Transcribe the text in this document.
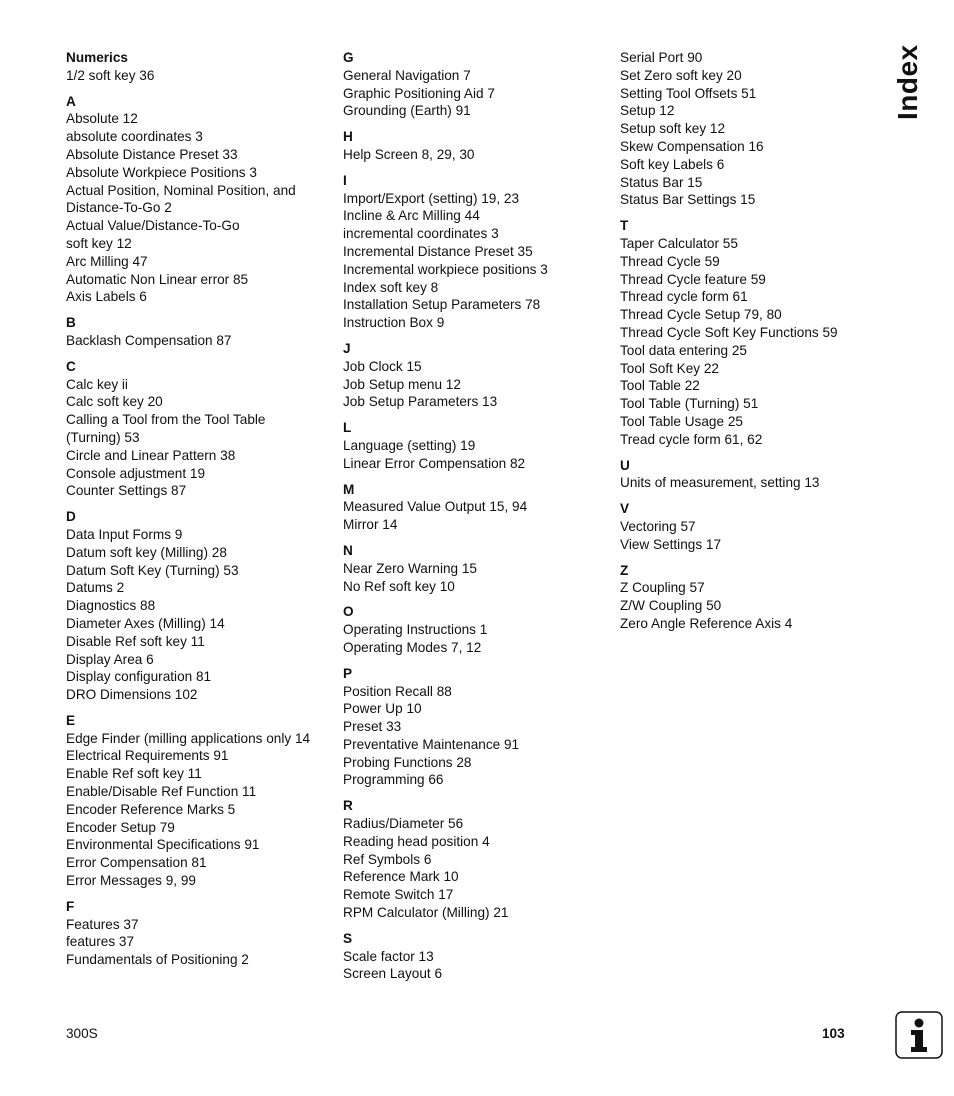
Numerics
1/2 soft key 36
A
Absolute 12
absolute coordinates 3
Absolute Distance Preset 33
Absolute Workpiece Positions 3
Actual Position, Nominal Position, and
Distance-To-Go 2
Actual Value/Distance-To-Go
soft key 12
Arc Milling 47
Automatic Non Linear error 85
Axis Labels 6
B
Backlash Compensation 87
C
Calc key ii
Calc soft key 20
Calling a Tool from the Tool Table
(Turning) 53
Circle and Linear Pattern 38
Console adjustment 19
Counter Settings 87
D
Data Input Forms 9
Datum soft key (Milling) 28
Datum Soft Key (Turning) 53
Datums 2
Diagnostics 88
Diameter Axes (Milling) 14
Disable Ref soft key 11
Display Area 6
Display configuration 81
DRO Dimensions 102
E
Edge Finder (milling applications only 14
Electrical Requirements 91
Enable Ref soft key 11
Enable/Disable Ref Function 11
Encoder Reference Marks 5
Encoder Setup 79
Environmental Specifications 91
Error Compensation 81
Error Messages 9, 99
F
Features 37
features 37
Fundamentals of Positioning 2
G
General Navigation 7
Graphic Positioning Aid 7
Grounding (Earth) 91
H
Help Screen 8, 29, 30
I
Import/Export (setting) 19, 23
Incline & Arc Milling 44
incremental coordinates 3
Incremental Distance Preset 35
Incremental workpiece positions 3
Index soft key 8
Installation Setup Parameters 78
Instruction Box 9
J
Job Clock 15
Job Setup menu 12
Job Setup Parameters 13
L
Language (setting) 19
Linear Error Compensation 82
M
Measured Value Output 15, 94
Mirror 14
N
Near Zero Warning 15
No Ref soft key 10
O
Operating Instructions 1
Operating Modes 7, 12
P
Position Recall 88
Power Up 10
Preset 33
Preventative Maintenance 91
Probing Functions 28
Programming 66
R
Radius/Diameter 56
Reading head position 4
Ref Symbols 6
Reference Mark 10
Remote Switch 17
RPM Calculator (Milling) 21
S
Scale factor 13
Screen Layout 6
Serial Port 90
Set Zero soft key 20
Setting Tool Offsets 51
Setup 12
Setup soft key 12
Skew Compensation 16
Soft key Labels 6
Status Bar 15
Status Bar Settings 15
T
Taper Calculator 55
Thread Cycle 59
Thread Cycle feature 59
Thread cycle form 61
Thread Cycle Setup 79, 80
Thread Cycle Soft Key Functions 59
Tool data entering 25
Tool Soft Key 22
Tool Table 22
Tool Table (Turning) 51
Tool Table Usage 25
Tread cycle form 61, 62
U
Units of measurement, setting 13
V
Vectoring 57
View Settings 17
Z
Z Coupling 57
Z/W Coupling 50
Zero Angle Reference Axis 4
Index
300S	103
